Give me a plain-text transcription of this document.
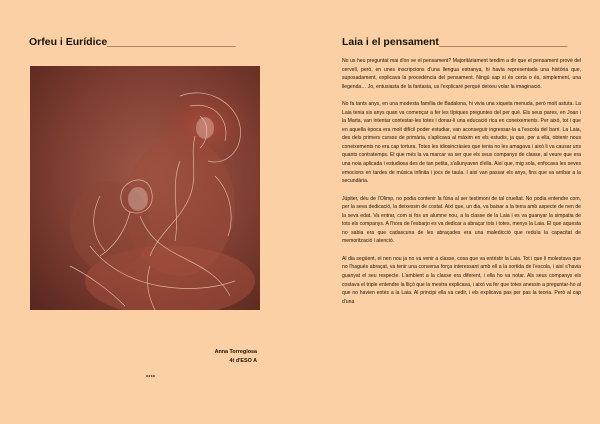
Orfeu i Eurídice______________________
Anna Torreglosa
4t d'ESO A
****
Laia i el pensament______________________

No us heu preguntat mai d'on ve el pensament? Majoritàriament tendim a dir que el pensament prové del cervell, però, en unes inscripcions d'una llengua estranya, hi havia representada una història que, suposadament, explicava la procedència del pensament. Ningú sap si és certa o és, simplement, una llegenda… Jo, entusiasta de la fantasia, us l'explicaré perquè deixeu volar la imaginació.

No fa tants anys, en una modesta família de Badalona, hi vivia una xiqueta menuda, però molt astuta. La Laia tenia sis anys quan va començar a fer les típiques preguntes del per què. Els seus pares, en Joan i la Marta, van intentar contestar-les totes i donar-li una educació rica en coneixements. Per això, tot i que en aquella època era molt difícil poder estudiar, van aconseguir ingressar-la a l'escola del barri. La Laia, des dels primers cursos de primària, s'aplicava al màxim en els estudis, ja que, per a ella, obtenir nous coneixements no era cap tortura. Totes les idiosincràsies que tenia no les amagava i això li va causar uns quants contratemps. El que més la va marcar va ser que els seus companys de classe, al veure que era una noia aplicada i estudiosa des de tan petita, s'allunyaven d'ella. Així que, mig sola, enfocava les seves emocions en tardes de música infinita i jocs de taula. I així van passar els anys, fins que va arribar a la secundària.

Júpiter, déu de l'Olimp, no podia contenir la fúria al ser testimoni de tal crueltat. No podia entendre com, per la seva dedicació, la deixessin de costat. Així que, un dia, va baixar a la terra amb aspecte de nen de la seva edat. Va entrar, com si fos un alumne nou, a la classe de la Laia i es va guanyar la simpatia de tots els companys. A l'hora de l'esbarjo es va dedicar a abraçar tots i totes, menys la Laia. El que aquesta no sabia era que cadascuna de les abraçades era una maledicció que reduïa la capacitat de memorització i atenció.

Al dia següent, el nen nou ja no va venir a classe, cosa que va entristir la Laia. Tot i que li molestava que no l'hagués abraçat, va tenir una conversa força interessant amb ell a la sortida de l'escola, i així s'havia guanyat el seu respecte. L'ambient a la classe era diferent, i ella ho va notar. Als seus companys els costava el triple entendre la lliçó que la mestra explicava, i això va fer que totes anessin a preguntar-ho al que no havien entès a la Laia. Al principi ella va cedir, i els explicava pas per pas la teoria. Però al cap d'una
